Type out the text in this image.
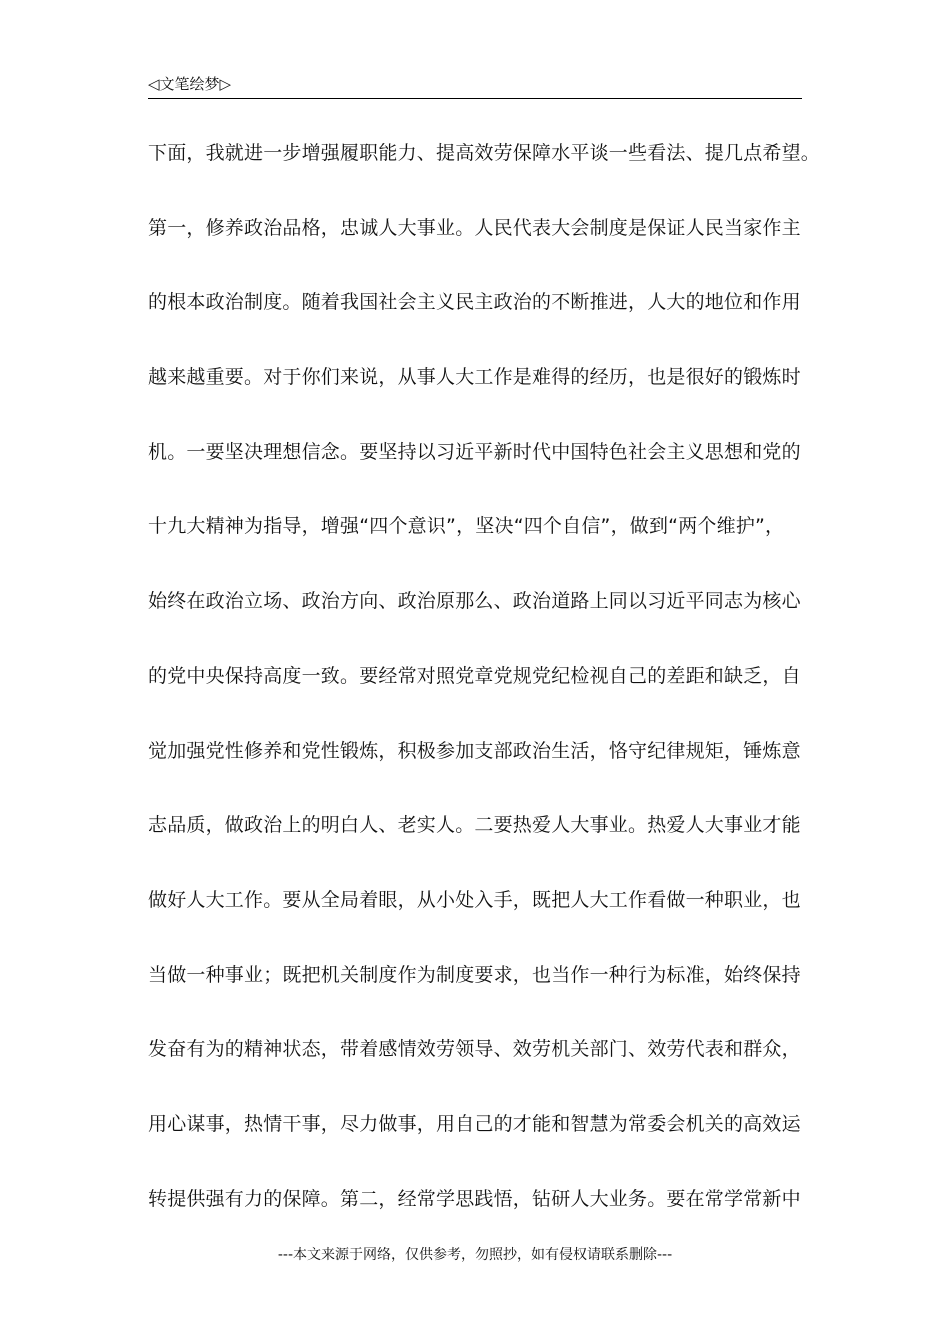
◁文笔绘梦▷
下面，我就进一步增强履职能力、提高效劳保障水平谈一些看法、提几点希望。
第一，修养政治品格，忠诚人大事业。人民代表大会制度是保证人民当家作主
的根本政治制度。随着我国社会主义民主政治的不断推进，人大的地位和作用
越来越重要。对于你们来说，从事人大工作是难得的经历，也是很好的锻炼时
机。一要坚决理想信念。要坚持以习近平新时代中国特色社会主义思想和党的
十九大精神为指导，增强“四个意识”，坚决“四个自信”，做到“两个维护”，
始终在政治立场、政治方向、政治原那么、政治道路上同以习近平同志为核心
的党中央保持高度一致。要经常对照党章党规党纪检视自己的差距和缺乏，自
觉加强党性修养和党性锻炼，积极参加支部政治生活，恪守纪律规矩，锤炼意
志品质，做政治上的明白人、老实人。二要热爱人大事业。热爱人大事业才能
做好人大工作。要从全局着眼，从小处入手，既把人大工作看做一种职业，也
当做一种事业；既把机关制度作为制度要求，也当作一种行为标准，始终保持
发奋有为的精神状态，带着感情效劳领导、效劳机关部门、效劳代表和群众，
用心谋事，热情干事，尽力做事，用自己的才能和智慧为常委会机关的高效运
转提供强有力的保障。第二，经常学思践悟，钻研人大业务。要在常学常新中
---本文来源于网络，仅供参考，勿照抄，如有侵权请联系删除---
